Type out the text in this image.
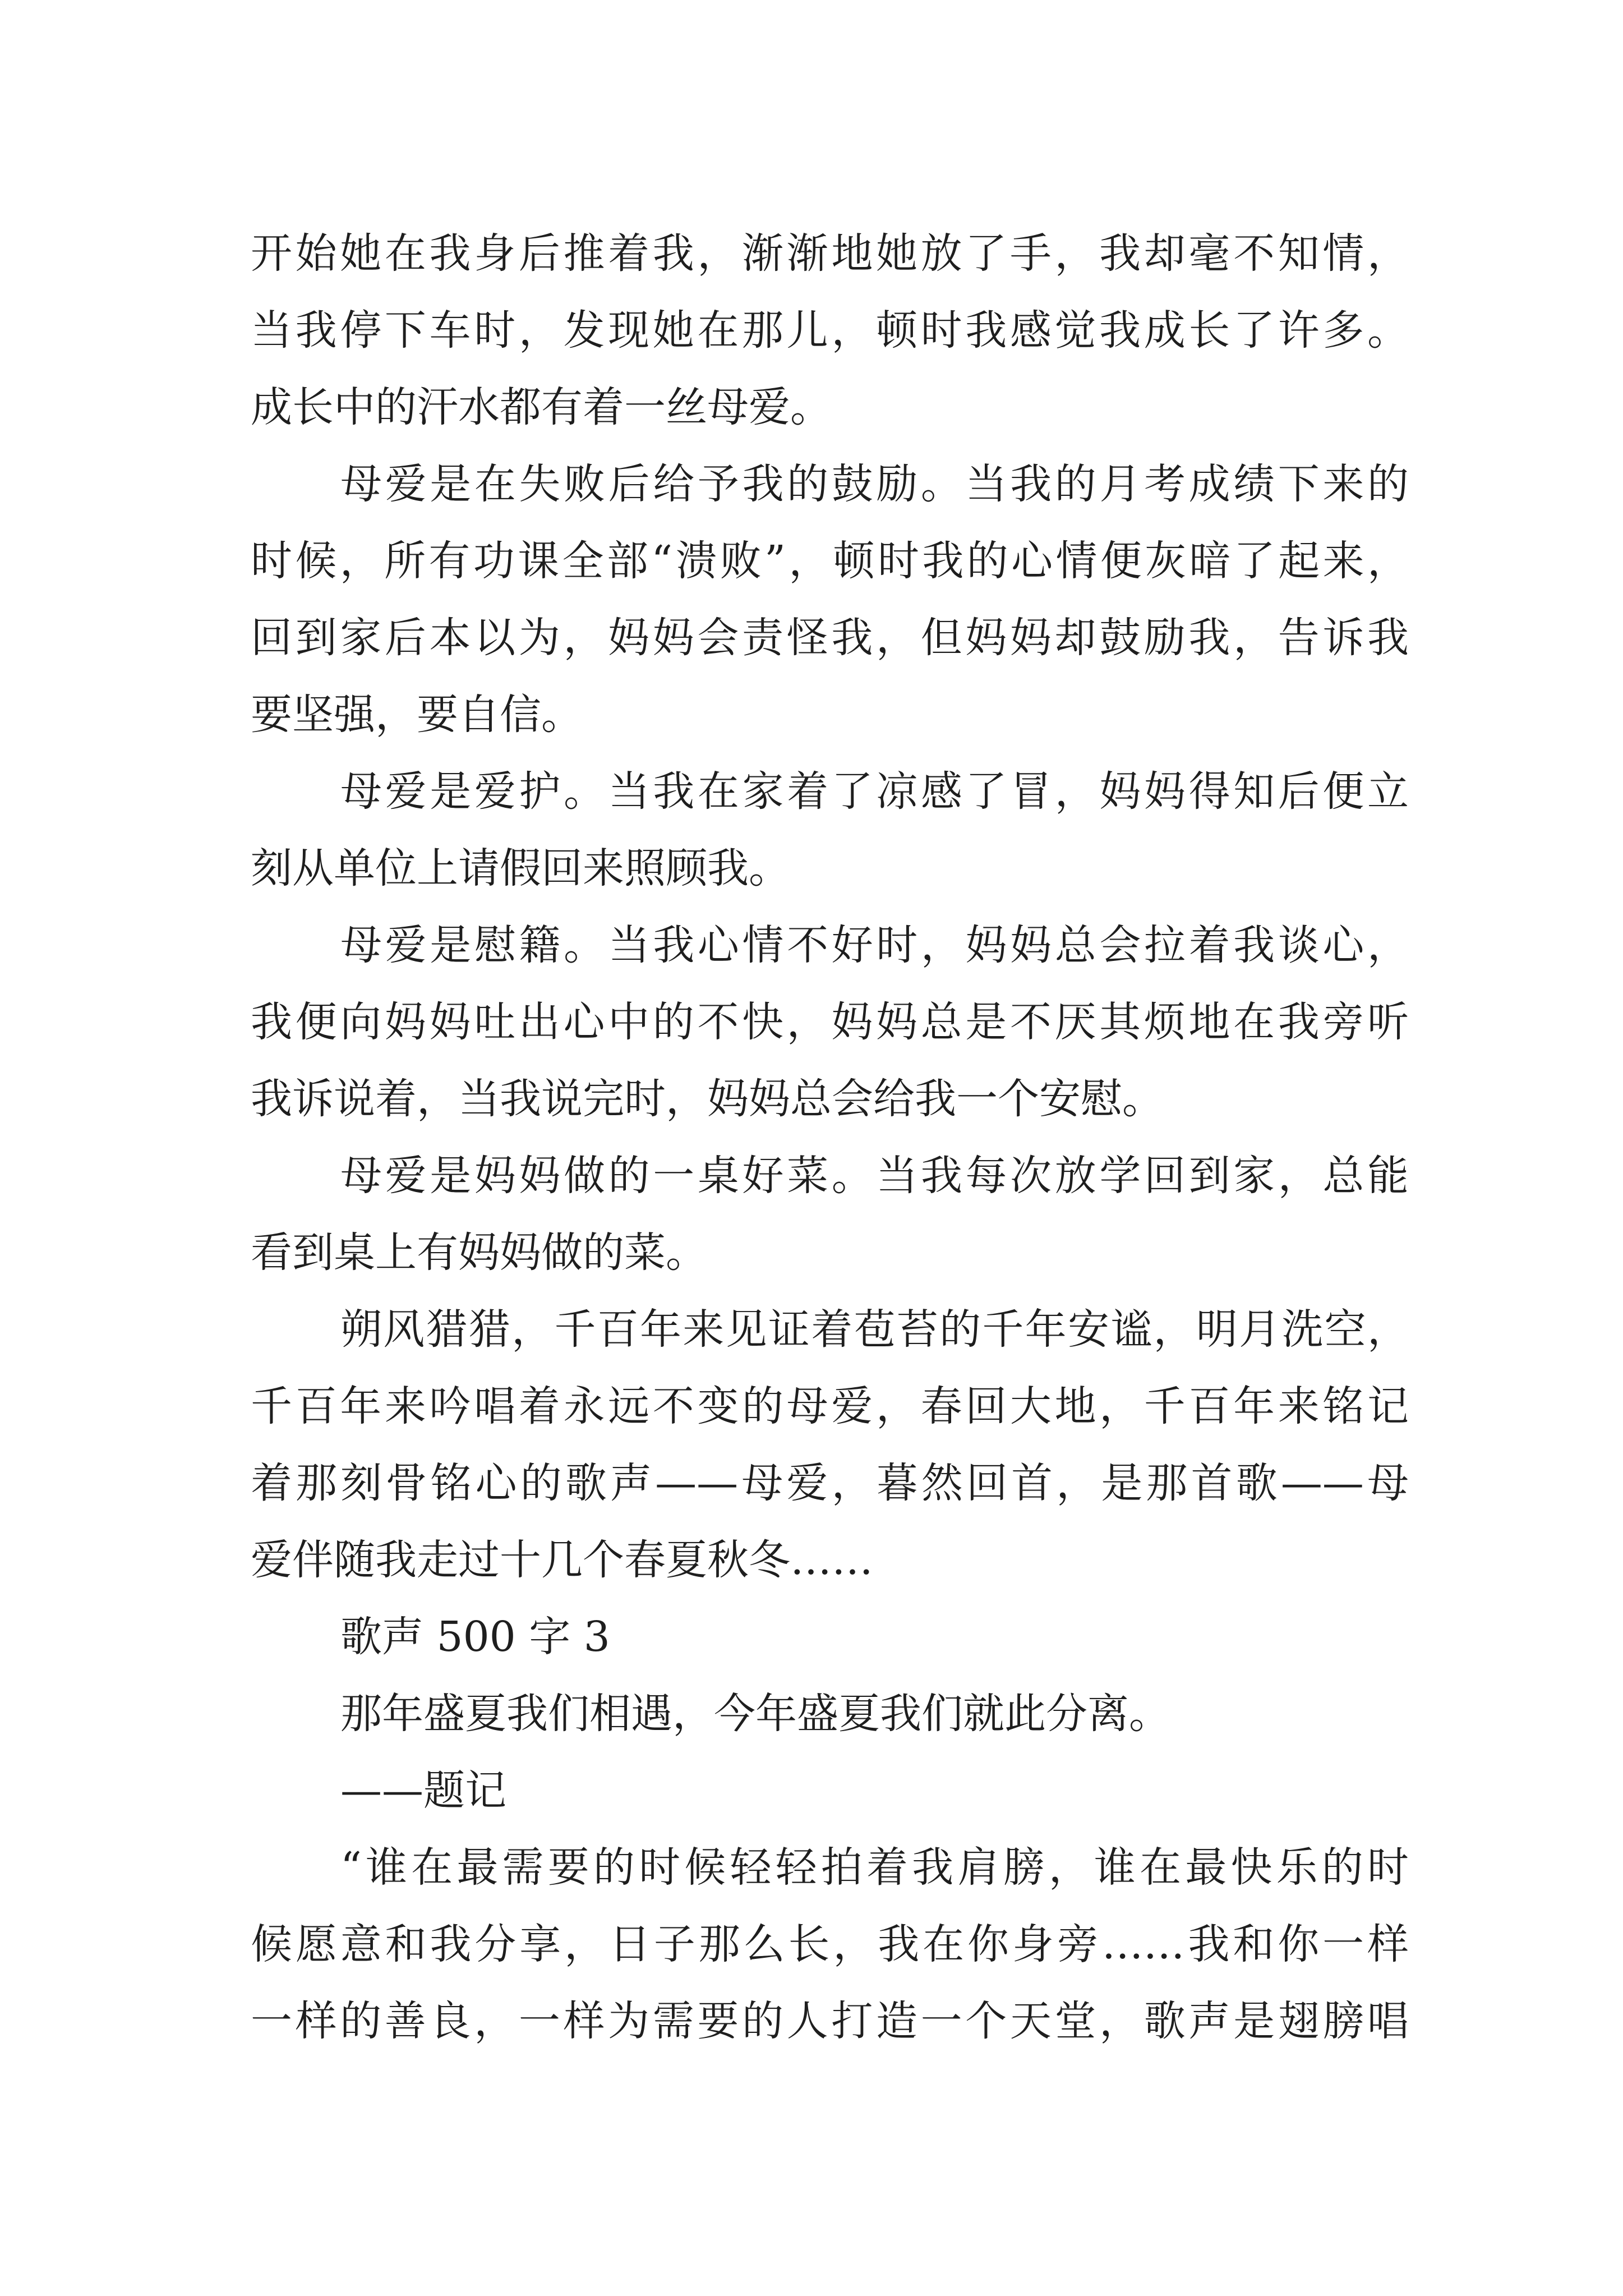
开始她在我身后推着我，渐渐地她放了手，我却毫不知情，
当我停下车时，发现她在那儿，顿时我感觉我成长了许多。
成长中的汗水都有着一丝母爱。
母爱是在失败后给予我的鼓励。当我的月考成绩下来的
时候，所有功课全部“溃败”，顿时我的心情便灰暗了起来，
回到家后本以为，妈妈会责怪我，但妈妈却鼓励我，告诉我
要坚强，要自信。
母爱是爱护。当我在家着了凉感了冒，妈妈得知后便立
刻从单位上请假回来照顾我。
母爱是慰籍。当我心情不好时，妈妈总会拉着我谈心，
我便向妈妈吐出心中的不快，妈妈总是不厌其烦地在我旁听
我诉说着，当我说完时，妈妈总会给我一个安慰。
母爱是妈妈做的一桌好菜。当我每次放学回到家，总能
看到桌上有妈妈做的菜。
朔风猎猎，千百年来见证着苞苔的千年安谧，明月洗空，
千百年来吟唱着永远不变的母爱，春回大地，千百年来铭记
着那刻骨铭心的歌声——母爱，暮然回首，是那首歌——母
爱伴随我走过十几个春夏秋冬……
歌声 500 字 3
那年盛夏我们相遇，今年盛夏我们就此分离。
——题记
“谁在最需要的时候轻轻拍着我肩膀，谁在最快乐的时
候愿意和我分享，日子那么长，我在你身旁……我和你一样
一样的善良，一样为需要的人打造一个天堂，歌声是翅膀唱
